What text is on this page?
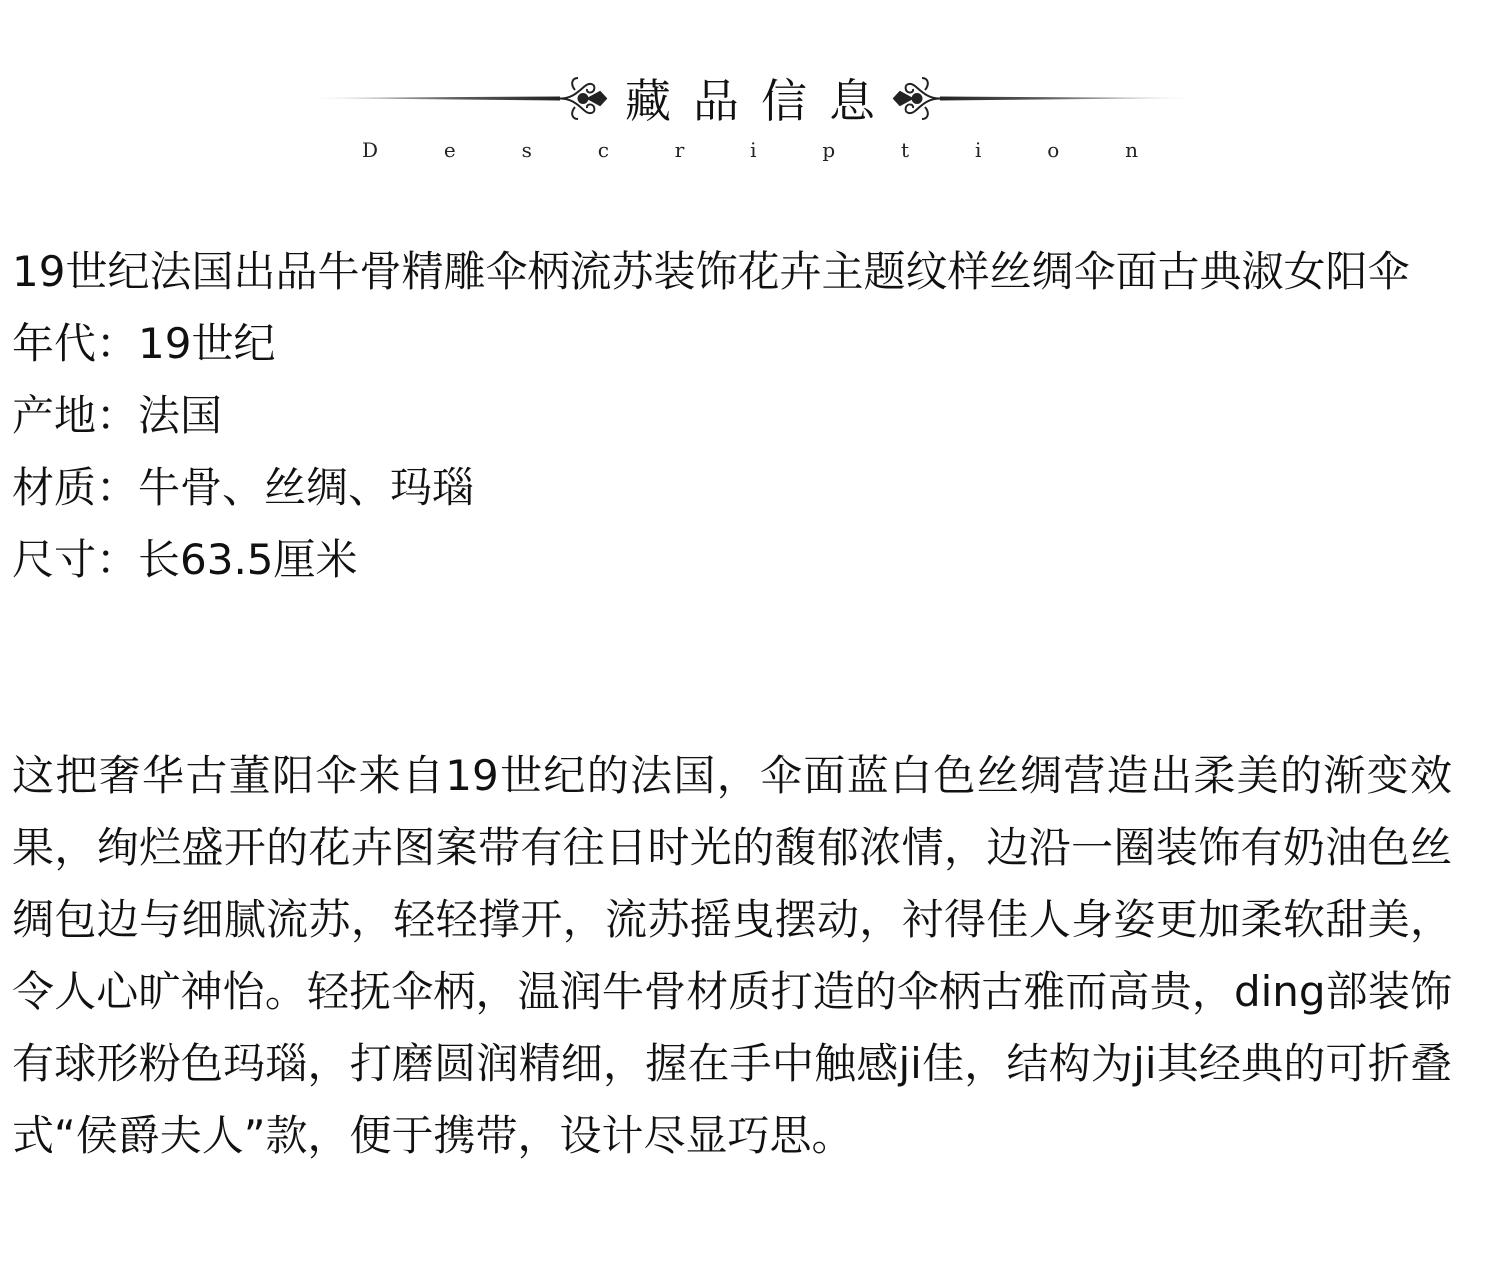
藏品信息
D	e	s	c	r	i	p	t	i	o	n
19世纪法国出品牛骨精雕伞柄流苏装饰花卉主题纹样丝绸伞面古典淑女阳伞
年代：19世纪
产地：法国
材质：牛骨、丝绸、玛瑙
尺寸：长63.5厘米
这把奢华古董阳伞来自19世纪的法国，伞面蓝白色丝绸营造出柔美的渐变效果，绚烂盛开的花卉图案带有往日时光的馥郁浓情，边沿一圈装饰有奶油色丝绸包边与细腻流苏，轻轻撑开，流苏摇曳摆动，衬得佳人身姿更加柔软甜美，令人心旷神怡。轻抚伞柄，温润牛骨材质打造的伞柄古雅而高贵，ding部装饰有球形粉色玛瑙，打磨圆润精细，握在手中触感ji佳，结构为ji其经典的可折叠式“侯爵夫人”款，便于携带，设计尽显巧思。
